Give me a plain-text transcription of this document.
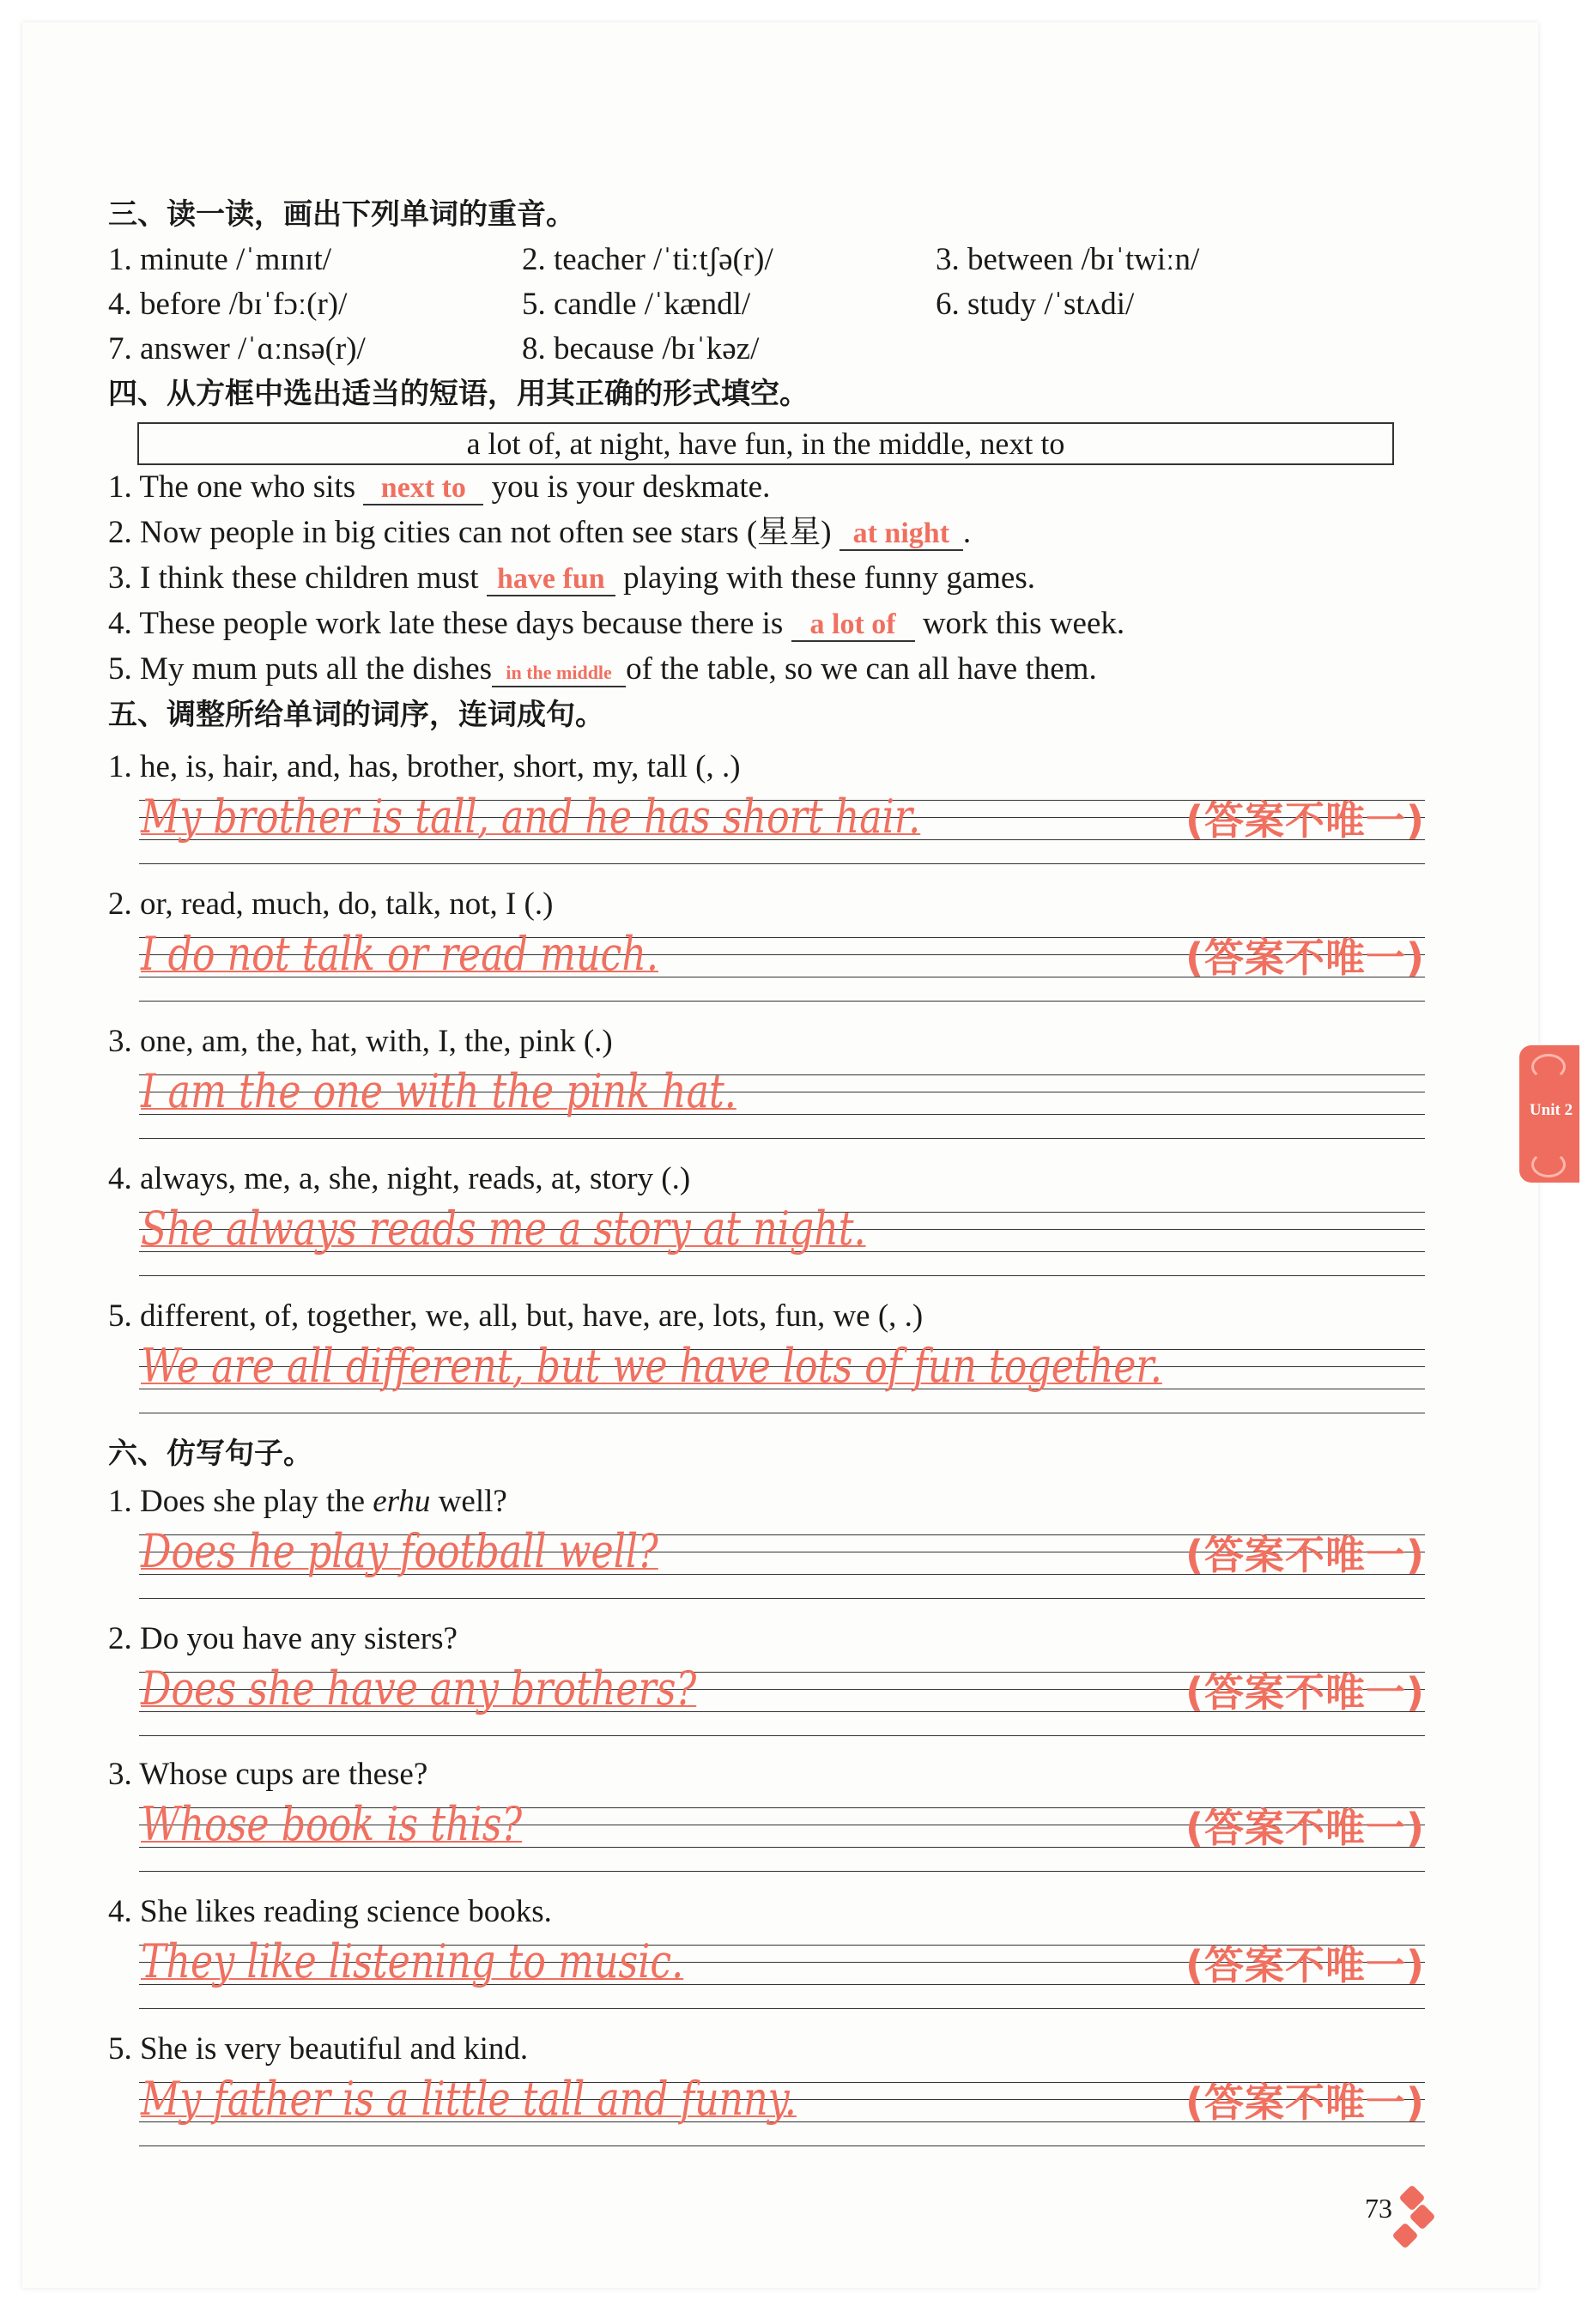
三、读一读，画出下列单词的重音。
1. minute /ˈmɪnɪt/	2. teacher /ˈtiːtʃə(r)/	3. between /bɪˈtwiːn/
4. before /bɪˈfɔː(r)/	5. candle /ˈkændl/	6. study /ˈstʌdi/
7. answer /ˈɑːnsə(r)/	8. because /bɪˈkəz/
四、从方框中选出适当的短语，用其正确的形式填空。
a lot of, at night, have fun, in the middle, next to
1. The one who sits next to you is your deskmate.
2. Now people in big cities can not often see stars (星星) at night .
3. I think these children must have fun playing with these funny games.
4. These people work late these days because there is a lot of work this week.
5. My mum puts all the dishes in the middle of the table, so we can all have them.
五、调整所给单词的词序，连词成句。
1. he, is, hair, and, has, brother, short, my, tall (, .)
My brother is tall, and he has short hair.	(答案不唯一)
2. or, read, much, do, talk, not, I (.)
I do not talk or read much.	(答案不唯一)
3. one, am, the, hat, with, I, the, pink (.)
I am the one with the pink hat.
4. always, me, a, she, night, reads, at, story (.)
She always reads me a story at night.
5. different, of, together, we, all, but, have, are, lots, fun, we (, .)
We are all different, but we have lots of fun together.
六、仿写句子。
1. Does she play the erhu well?
Does he play football well?	(答案不唯一)
2. Do you have any sisters?
Does she have any brothers?	(答案不唯一)
3. Whose cups are these?
Whose book is this?	(答案不唯一)
4. She likes reading science books.
They like listening to music.	(答案不唯一)
5. She is very beautiful and kind.
My father is a little tall and funny.	(答案不唯一)
Unit 2
73
